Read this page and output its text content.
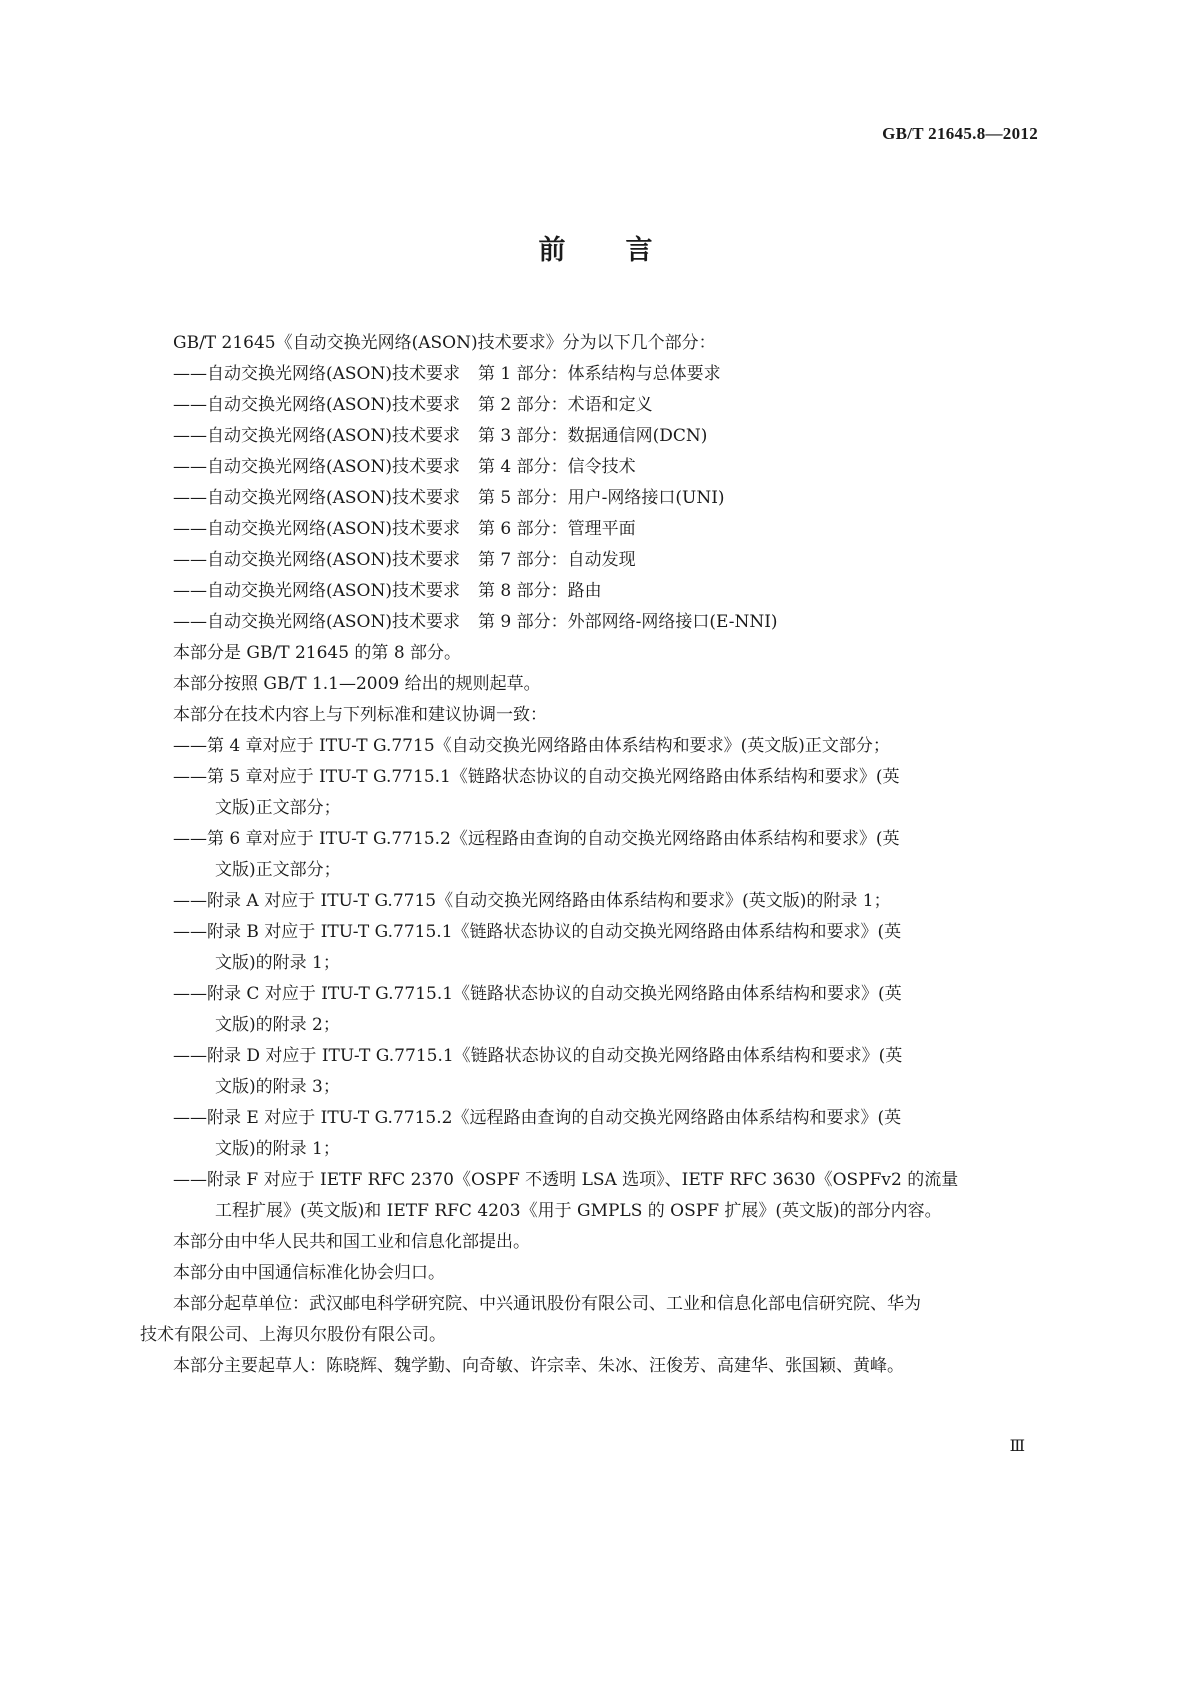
GB/T 21645.8—2012
前言

GB/T 21645《自动交换光网络(ASON)技术要求》分为以下几个部分：

——自动交换光网络(ASON)技术要求 第 1 部分：体系结构与总体要求

——自动交换光网络(ASON)技术要求 第 2 部分：术语和定义

——自动交换光网络(ASON)技术要求 第 3 部分：数据通信网(DCN)

——自动交换光网络(ASON)技术要求 第 4 部分：信令技术

——自动交换光网络(ASON)技术要求 第 5 部分：用户-网络接口(UNI)

——自动交换光网络(ASON)技术要求 第 6 部分：管理平面

——自动交换光网络(ASON)技术要求 第 7 部分：自动发现

——自动交换光网络(ASON)技术要求 第 8 部分：路由

——自动交换光网络(ASON)技术要求 第 9 部分：外部网络-网络接口(E-NNI)

本部分是 GB/T 21645 的第 8 部分。

本部分按照 GB/T 1.1—2009 给出的规则起草。

本部分在技术内容上与下列标准和建议协调一致：

——第 4 章对应于 ITU-T G.7715《自动交换光网络路由体系结构和要求》(英文版)正文部分；

——第 5 章对应于 ITU-T G.7715.1《链路状态协议的自动交换光网络路由体系结构和要求》(英
文版)正文部分；

——第 6 章对应于 ITU-T G.7715.2《远程路由查询的自动交换光网络路由体系结构和要求》(英
文版)正文部分；

——附录 A 对应于 ITU-T G.7715《自动交换光网络路由体系结构和要求》(英文版)的附录 1；

——附录 B 对应于 ITU-T G.7715.1《链路状态协议的自动交换光网络路由体系结构和要求》(英
文版)的附录 1；

——附录 C 对应于 ITU-T G.7715.1《链路状态协议的自动交换光网络路由体系结构和要求》(英
文版)的附录 2；

——附录 D 对应于 ITU-T G.7715.1《链路状态协议的自动交换光网络路由体系结构和要求》(英
文版)的附录 3；

——附录 E 对应于 ITU-T G.7715.2《远程路由查询的自动交换光网络路由体系结构和要求》(英
文版)的附录 1；

——附录 F 对应于 IETF RFC 2370《OSPF 不透明 LSA 选项》、IETF RFC 3630《OSPFv2 的流量
工程扩展》(英文版)和 IETF RFC 4203《用于 GMPLS 的 OSPF 扩展》(英文版)的部分内容。

本部分由中华人民共和国工业和信息化部提出。

本部分由中国通信标准化协会归口。

本部分起草单位：武汉邮电科学研究院、中兴通讯股份有限公司、工业和信息化部电信研究院、华为
技术有限公司、上海贝尔股份有限公司。

本部分主要起草人：陈晓辉、魏学勤、向奇敏、许宗幸、朱冰、汪俊芳、高建华、张国颖、黄峰。

Ⅲ
